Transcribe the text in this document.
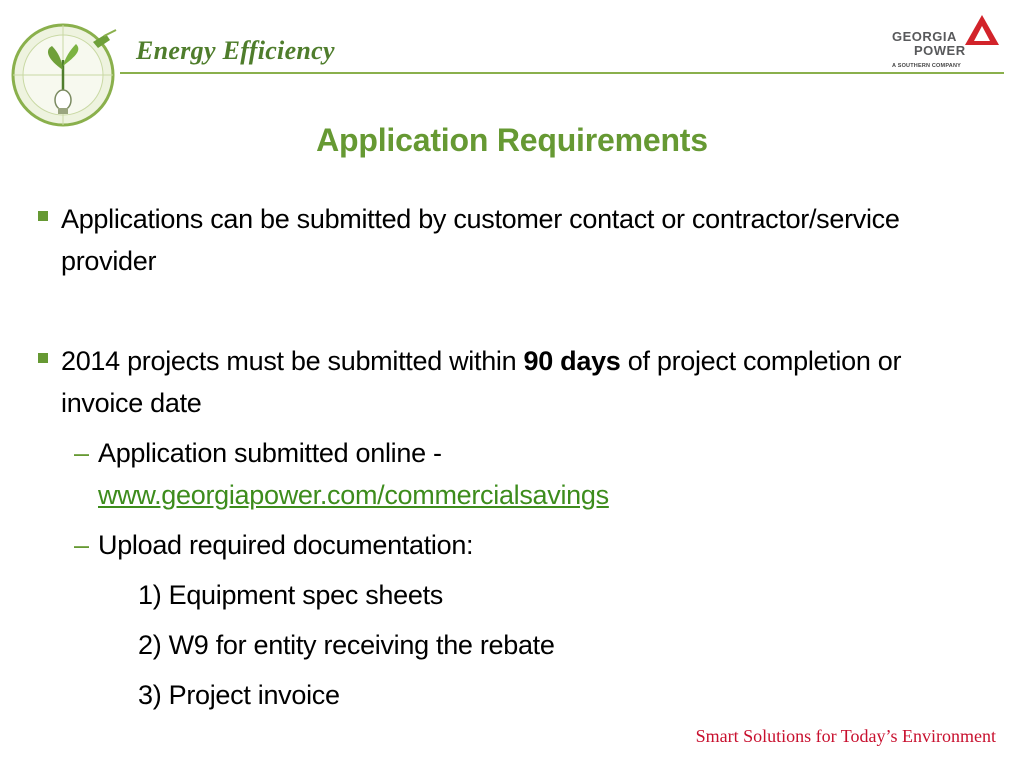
Energy Efficiency	GEORGIA
POWER
A SOUTHERN COMPANY
Application Requirements
Applications can be submitted by customer contact or contractor/service provider
2014 projects must be submitted within 90 days of project completion or invoice date
– Application submitted online -
www.georgiapower.com/commercialsavings
– Upload required documentation:
1) Equipment spec sheets
2) W9 for entity receiving the rebate
3) Project invoice

Smart Solutions for Today’s Environment
